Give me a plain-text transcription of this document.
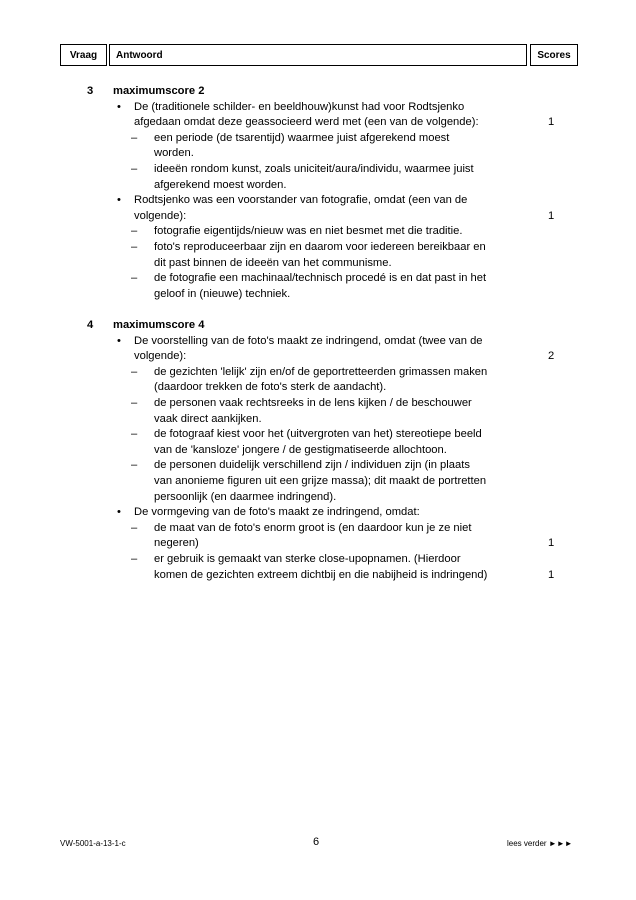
Vraag Antwoord	Scores
3 maximumscore 2
• De (traditionele schilder- en beeldhouw)kunst had voor Rodtsjenko
afgedaan omdat deze geassocieerd werd met (een van de volgende):	1
– een periode (de tsarentijd) waarmee juist afgerekend moest
worden.
– ideeën rondom kunst, zoals uniciteit/aura/individu, waarmee juist
afgerekend moest worden.
• Rodtsjenko was een voorstander van fotografie, omdat (een van de
volgende):	1
– fotografie eigentijds/nieuw was en niet besmet met die traditie.
– foto's reproduceerbaar zijn en daarom voor iedereen bereikbaar en
dit past binnen de ideeën van het communisme.
– de fotografie een machinaal/technisch procedé is en dat past in het
geloof in (nieuwe) techniek.
4 maximumscore 4
• De voorstelling van de foto's maakt ze indringend, omdat (twee van de
volgende):	2
– de gezichten 'lelijk' zijn en/of de geportretteerden grimassen maken
(daardoor trekken de foto's sterk de aandacht).
– de personen vaak rechtsreeks in de lens kijken / de beschouwer
vaak direct aankijken.
– de fotograaf kiest voor het (uitvergroten van het) stereotiepe beeld
van de 'kansloze' jongere / de gestigmatiseerde allochtoon.
– de personen duidelijk verschillend zijn / individuen zijn (in plaats
van anonieme figuren uit een grijze massa); dit maakt de portretten
persoonlijk (en daarmee indringend).
• De vormgeving van de foto's maakt ze indringend, omdat:
– de maat van de foto's enorm groot is (en daardoor kun je ze niet
negeren)	1
– er gebruik is gemaakt van sterke close-upopnamen. (Hierdoor
komen de gezichten extreem dichtbij en die nabijheid is indringend)	1
VW-5001-a-13-1-c	6	lees verder ►►►
